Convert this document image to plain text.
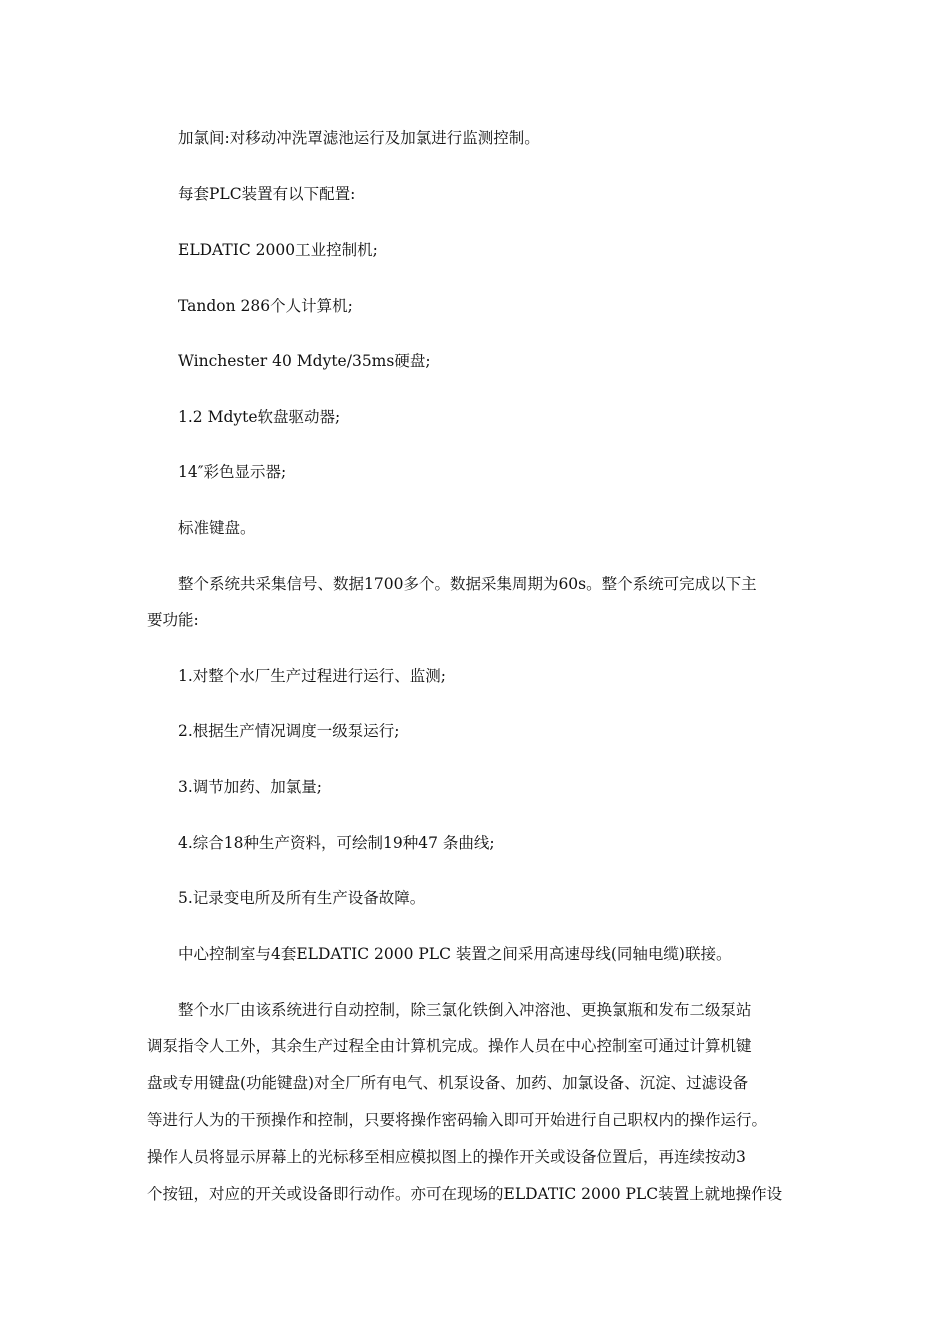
加氯间:对移动冲洗罩滤池运行及加氯进行监测控制。

每套PLC装置有以下配置:

ELDATIC 2000工业控制机;

Tandon 286个人计算机;

Winchester 40 Mdyte/35ms硬盘;

1.2 Mdyte软盘驱动器;

14″彩色显示器;

标准键盘。

整个系统共采集信号、数据1700多个。数据采集周期为60s。整个系统可完成以下主

要功能:

1.对整个水厂生产过程进行运行、监测;

2.根据生产情况调度一级泵运行;

3.调节加药、加氯量;

4.综合18种生产资料，可绘制19种47 条曲线;

5.记录变电所及所有生产设备故障。

中心控制室与4套ELDATIC 2000 PLC 装置之间采用高速母线(同轴电缆)联接。

整个水厂由该系统进行自动控制，除三氯化铁倒入冲溶池、更换氯瓶和发布二级泵站

调泵指令人工外，其余生产过程全由计算机完成。操作人员在中心控制室可通过计算机键

盘或专用键盘(功能键盘)对全厂所有电气、机泵设备、加药、加氯设备、沉淀、过滤设备

等进行人为的干预操作和控制，只要将操作密码输入即可开始进行自己职权内的操作运行。

操作人员将显示屏幕上的光标移至相应模拟图上的操作开关或设备位置后，再连续按动3

个按钮，对应的开关或设备即行动作。亦可在现场的ELDATIC 2000 PLC装置上就地操作设
